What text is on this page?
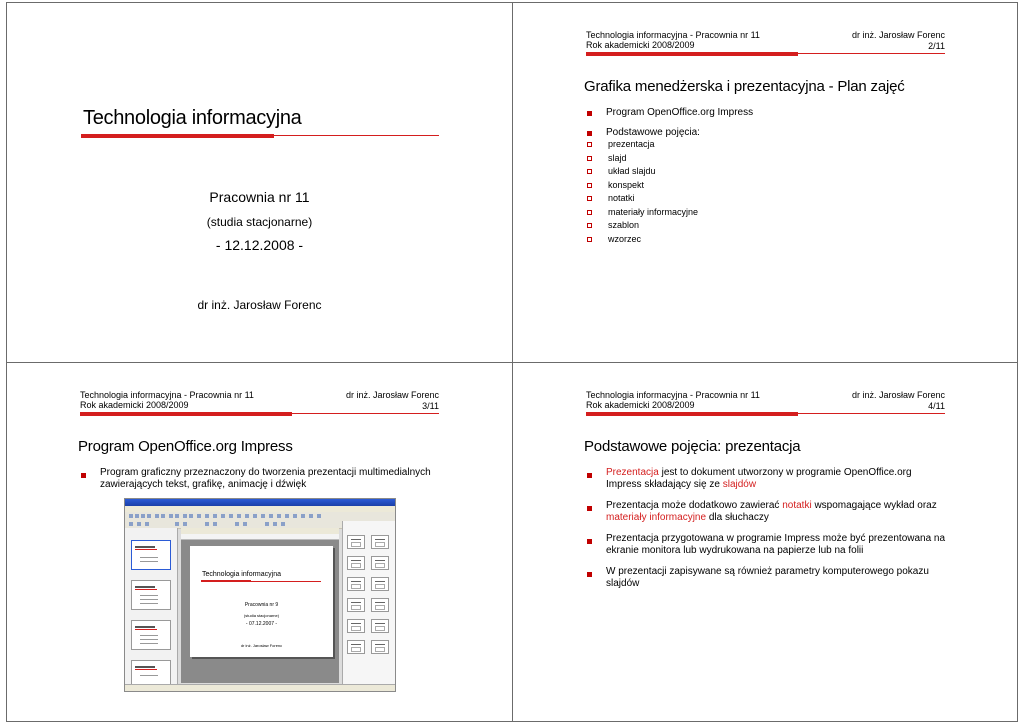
Technologia informacyjna
Pracownia nr 11
(studia stacjonarne)
- 12.12.2008 -
dr inż. Jarosław Forenc
Technologia informacyjna - Pracownia nr 11
Rok akademicki 2008/2009
dr inż. Jarosław Forenc
2/11
Grafika menedżerska i prezentacyjna - Plan zajęć
Program OpenOffice.org Impress
Podstawowe pojęcia:
prezentacja
slajd
układ slajdu
konspekt
notatki
materiały informacyjne
szablon
wzorzec
Technologia informacyjna - Pracownia nr 11
Rok akademicki 2008/2009
dr inż. Jarosław Forenc
3/11
Program OpenOffice.org Impress
Program graficzny przeznaczony do tworzenia prezentacji multimedialnych zawierających tekst, grafikę, animację i dźwięk
Technologia informacyjna
Pracownia nr 9
(studia stacjonarne)
- 07.12.2007 -
dr inż. Jarosław Forenc
Technologia informacyjna - Pracownia nr 11
Rok akademicki 2008/2009
dr inż. Jarosław Forenc
4/11
Podstawowe pojęcia: prezentacja
Prezentacja jest to dokument utworzony w programie OpenOffice.org Impress składający się ze slajdów
Prezentacja może dodatkowo zawierać notatki wspomagające wykład oraz materiały informacyjne dla słuchaczy
Prezentacja przygotowana w programie Impress może być prezentowana na ekranie monitora lub wydrukowana na papierze lub na folii
W prezentacji zapisywane są również parametry komputerowego pokazu slajdów
